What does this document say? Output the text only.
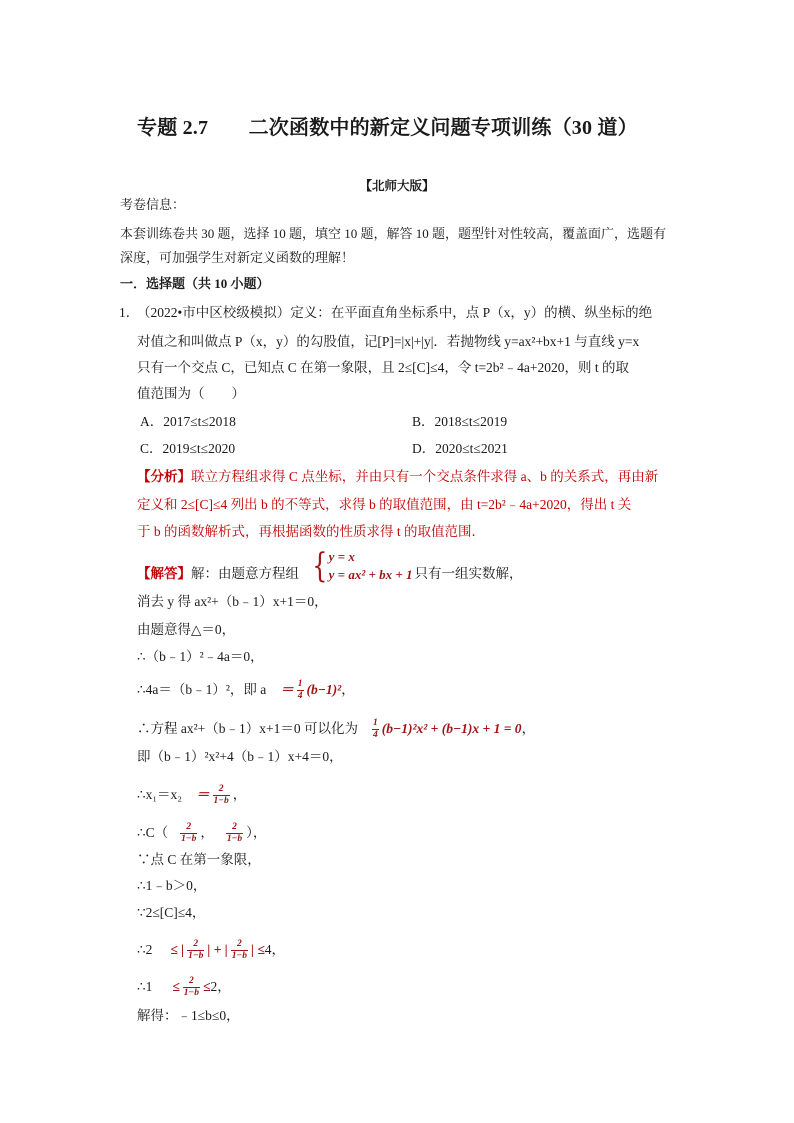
专题 2.7　　二次函数中的新定义问题专项训练（30 道）
【北师大版】
考卷信息：
本套训练卷共 30 题，选择 10 题，填空 10 题，解答 10 题，题型针对性较高，覆盖面广，选题有
深度，可加强学生对新定义函数的理解！
一．选择题（共 10 小题）
1．
（2022•市中区校级模拟）定义：在平面直角坐标系中，点 P（x，y）的横、纵坐标的绝
对值之和叫做点 P（x，y）的勾股值，记[P]=|x|+|y|．若抛物线 y=ax²+bx+1 与直线 y=x
只有一个交点 C，已知点 C 在第一象限，且 2≤[C]≤4，令 t=2b²﹣4a+2020，则 t 的取
值范围为（　　）
A．2017≤t≤2018	B．2018≤t≤2019
C．2019≤t≤2020	D．2020≤t≤2021
【分析】联立方程组求得 C 点坐标，并由只有一个交点条件求得 a、b 的关系式，再由新
定义和 2≤[C]≤4 列出 b 的不等式，求得 b 的取值范围，由 t=2b²﹣4a+2020，得出 t 关
于 b 的函数解析式，再根据函数的性质求得 t 的取值范围．
【解答】 解：由题意方程组 { y = x
y = ax² + bx + 1 只有一组实数解，
消去 y 得 ax²+（b﹣1）x+1＝0，
由题意得△＝0，
∴（b﹣1）²﹣4a＝0，
∴4a＝（b﹣1）²，即 $a = \frac{1}{4} (b-1)^2$ ，
∴方程 ax²+（b﹣1）x+1＝0 可以化为 $\frac{1}{4} (b-1)^2x^2 + (b-1)x + 1 = 0$ ，
即（b﹣1）²x²+4（b﹣1）x+4＝0，
∴x₁＝x₂ ＝ $\frac{2}{1-b}$ ，
∴C（ $\frac{2}{1-b}$ ， $\frac{2}{1-b}$ ），
∵点 C 在第一象限，
∴1﹣b＞0，
∵2≤[C]≤4，
∴2 ≤ | $\frac{2}{1-b}$ | + | $\frac{2}{1-b}$ | ≤ 4，
∴1 ≤ $\frac{2}{1-b} \le 2$，
解得：﹣1≤b≤0，
